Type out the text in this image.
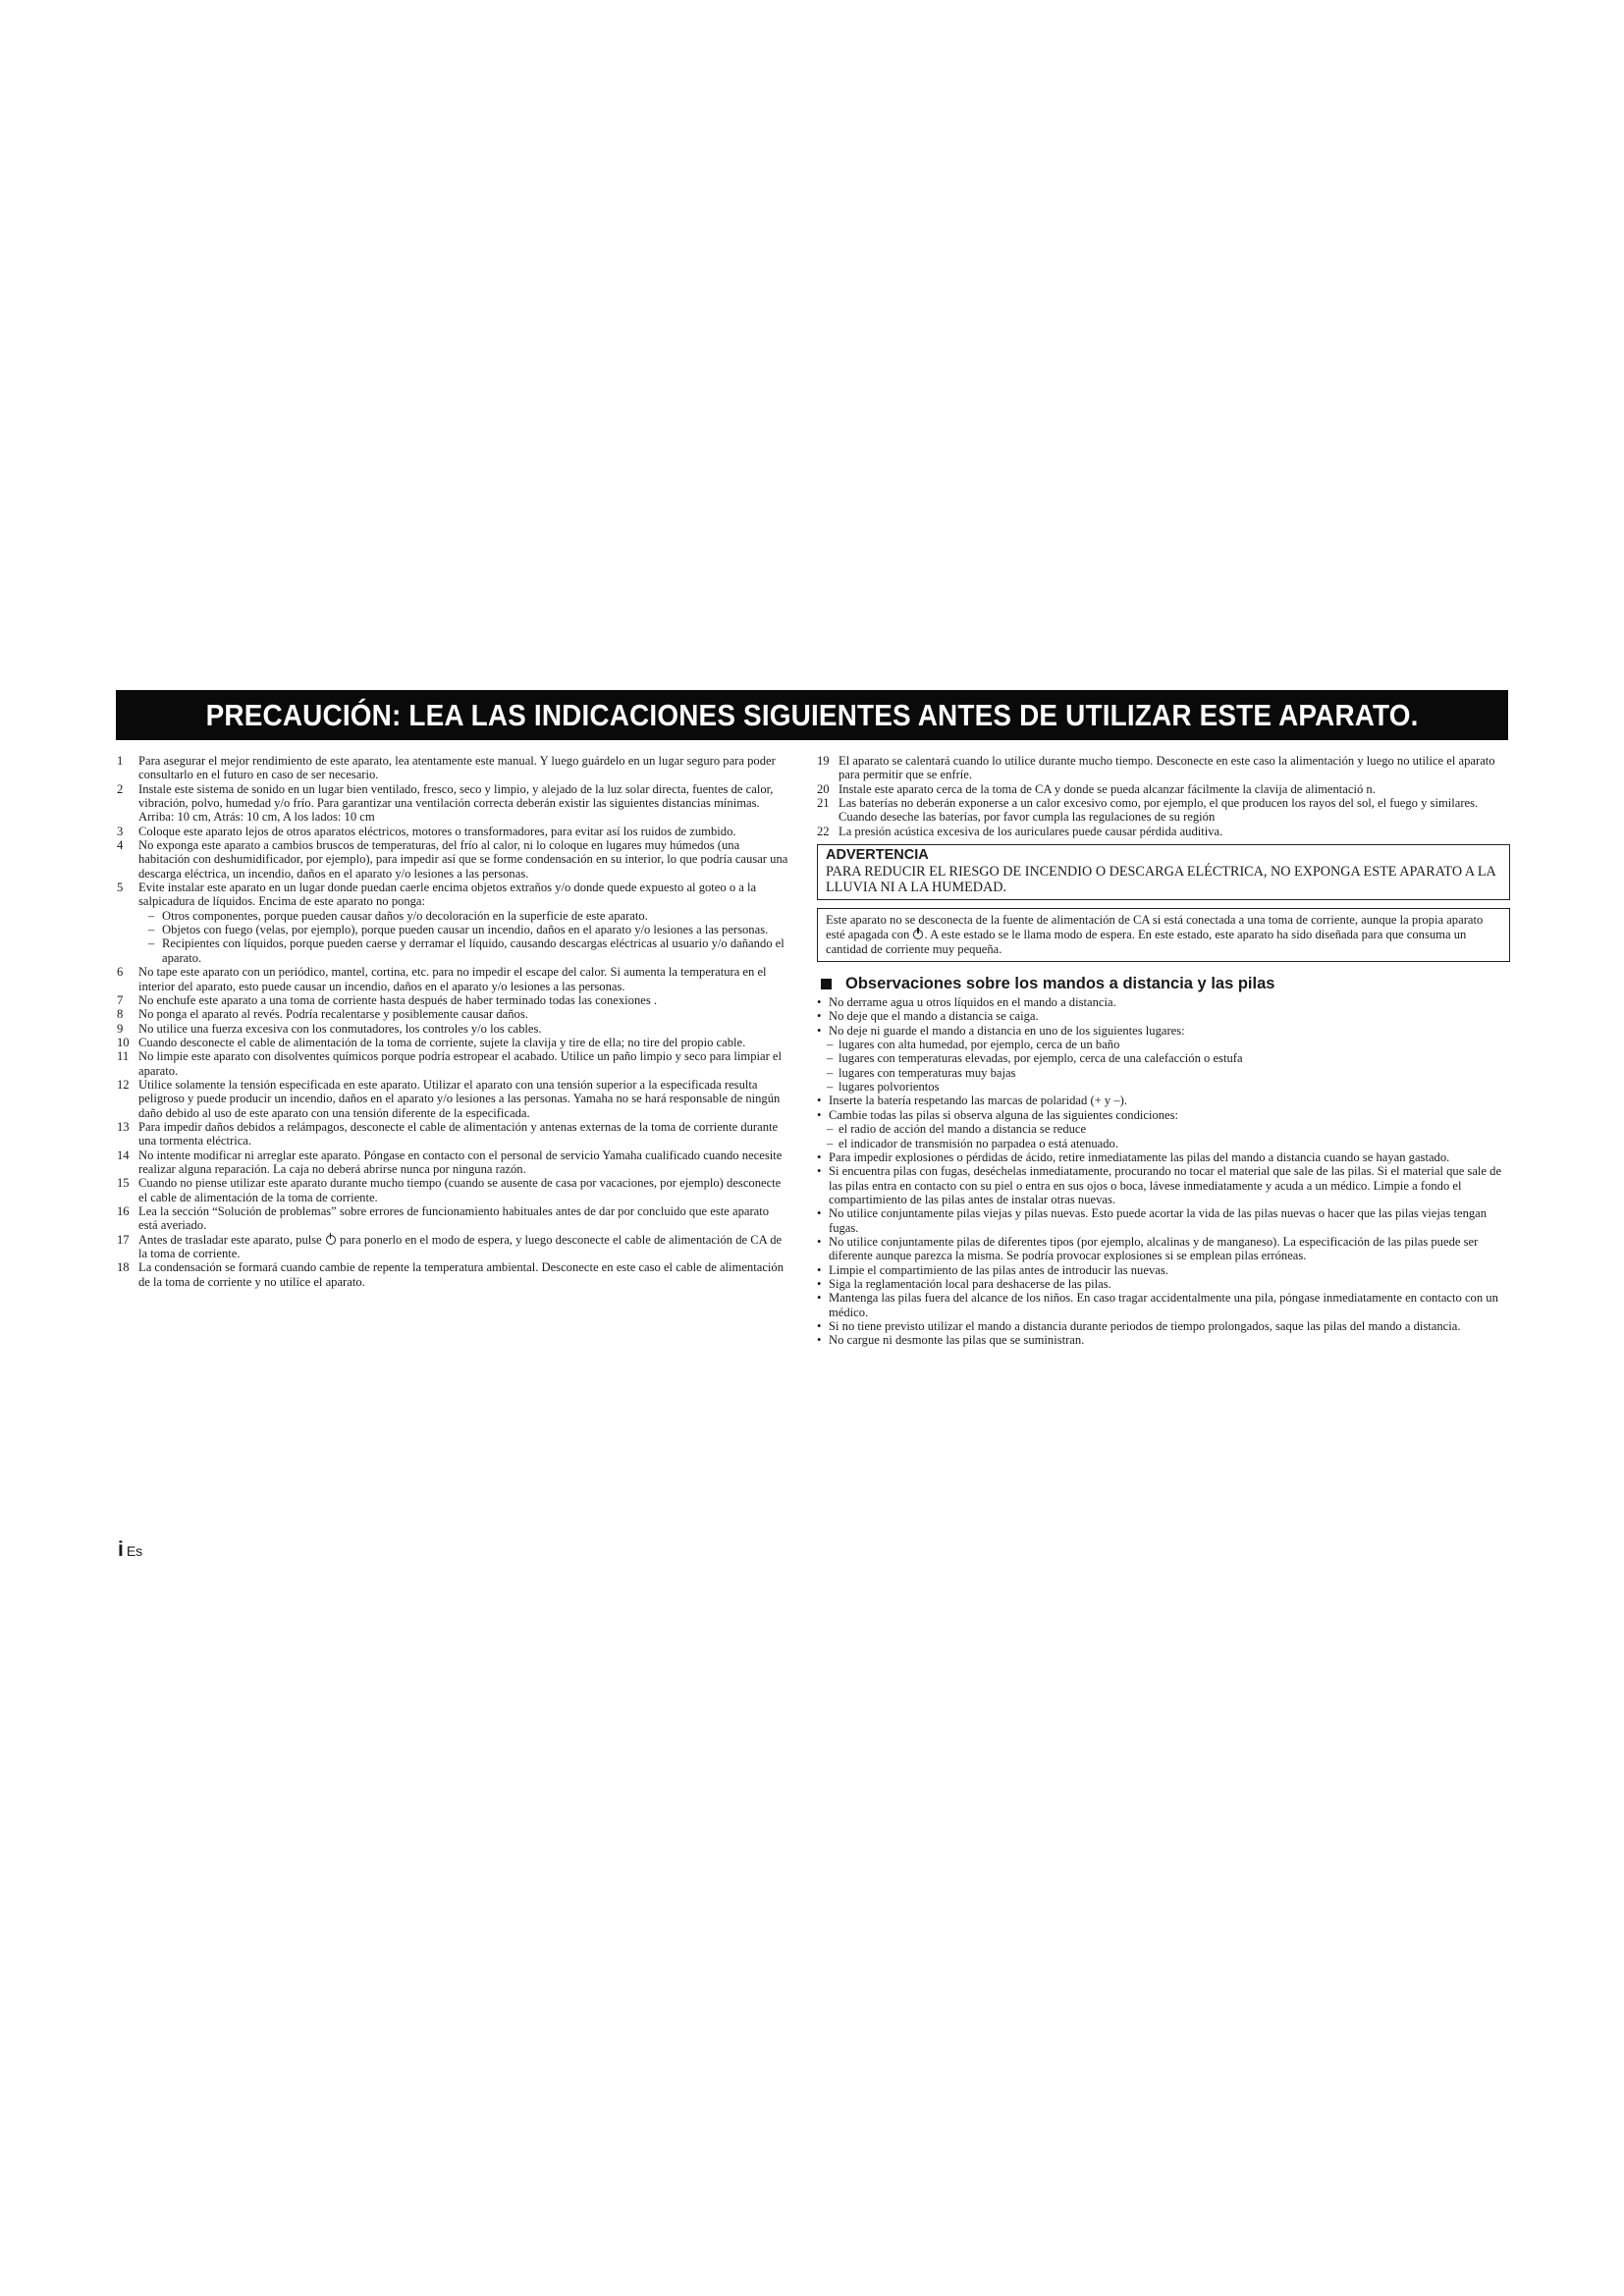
PRECAUCIÓN: LEA LAS INDICACIONES SIGUIENTES ANTES DE UTILIZAR ESTE APARATO.
1	Para asegurar el mejor rendimiento de este aparato, lea atentamente este manual. Y luego guárdelo en un lugar seguro para poder consultarlo en el futuro en caso de ser necesario.
2	Instale este sistema de sonido en un lugar bien ventilado, fresco, seco y limpio, y alejado de la luz solar directa, fuentes de calor, vibración, polvo, humedad y/o frío. Para garantizar una ventilación correcta deberán existir las siguientes distancias mínimas.
Arriba: 10 cm, Atrás: 10 cm, A los lados: 10 cm
3	Coloque este aparato lejos de otros aparatos eléctricos, motores o transformadores, para evitar así los ruidos de zumbido.
4	No exponga este aparato a cambios bruscos de temperaturas, del frío al calor, ni lo coloque en lugares muy húmedos (una habitación con deshumidificador, por ejemplo), para impedir así que se forme condensación en su interior, lo que podría causar una descarga eléctrica, un incendio, daños en el aparato y/o lesiones a las personas.
5	Evite instalar este aparato en un lugar donde puedan caerle encima objetos extraños y/o donde quede expuesto al goteo o a la salpicadura de líquidos. Encima de este aparato no ponga:
– Otros componentes, porque pueden causar daños y/o decoloración en la superficie de este aparato.
– Objetos con fuego (velas, por ejemplo), porque pueden causar un incendio, daños en el aparato y/o lesiones a las personas.
– Recipientes con líquidos, porque pueden caerse y derramar el líquido, causando descargas eléctricas al usuario y/o dañando el aparato.
6	No tape este aparato con un periódico, mantel, cortina, etc. para no impedir el escape del calor. Si aumenta la temperatura en el interior del aparato, esto puede causar un incendio, daños en el aparato y/o lesiones a las personas.
7	No enchufe este aparato a una toma de corriente hasta después de haber terminado todas las conexiones .
8	No ponga el aparato al revés. Podría recalentarse y posiblemente causar daños.
9	No utilice una fuerza excesiva con los conmutadores, los controles y/o los cables.
10 Cuando desconecte el cable de alimentación de la toma de corriente, sujete la clavija y tire de ella; no tire del propio cable.
11 No limpie este aparato con disolventes químicos porque podría estropear el acabado. Utilice un paño limpio y seco para limpiar el aparato.
12 Utilice solamente la tensión especificada en este aparato. Utilizar el aparato con una tensión superior a la especificada resulta peligroso y puede producir un incendio, daños en el aparato y/o lesiones a las personas. Yamaha no se hará responsable de ningún daño debido al uso de este aparato con una tensión diferente de la especificada.
13 Para impedir daños debidos a relámpagos, desconecte el cable de alimentación y antenas externas de la toma de corriente durante una tormenta eléctrica.
14 No intente modificar ni arreglar este aparato. Póngase en contacto con el personal de servicio Yamaha cualificado cuando necesite realizar alguna reparación. La caja no deberá abrirse nunca por ninguna razón.
15 Cuando no piense utilizar este aparato durante mucho tiempo (cuando se ausente de casa por vacaciones, por ejemplo) desconecte el cable de alimentación de la toma de corriente.
16 Lea la sección “Solución de problemas” sobre errores de funcionamiento habituales antes de dar por concluido que este aparato está averiado.
17 Antes de trasladar este aparato, pulse para ponerlo en el modo de espera, y luego desconecte el cable de alimentación de CA de la toma de corriente.
18 La condensación se formará cuando cambie de repente la temperatura ambiental. Desconecte en este caso el cable de alimentación de la toma de corriente y no utilice el aparato.
19 El aparato se calentará cuando lo utilice durante mucho tiempo. Desconecte en este caso la alimentación y luego no utilice el aparato para permitir que se enfríe.
20 Instale este aparato cerca de la toma de CA y donde se pueda alcanzar fácilmente la clavija de alimentació n.
21 Las baterías no deberán exponerse a un calor excesivo como, por ejemplo, el que producen los rayos del sol, el fuego y similares. Cuando deseche las baterías, por favor cumpla las regulaciones de su región
22 La presión acústica excesiva de los auriculares puede causar pérdida auditiva.
ADVERTENCIA
PARA REDUCIR EL RIESGO DE INCENDIO O DESCARGA ELÉCTRICA, NO EXPONGA ESTE APARATO A LA LLUVIA NI A LA HUMEDAD.
Este aparato no se desconecta de la fuente de alimentación de CA si está conectada a una toma de corriente, aunque la propia aparato esté apagada con . A este estado se le llama modo de espera. En este estado, este aparato ha sido diseñada para que consuma un cantidad de corriente muy pequeña.
Observaciones sobre los mandos a distancia y las pilas
• No derrame agua u otros líquidos en el mando a distancia.
• No deje que el mando a distancia se caiga.
• No deje ni guarde el mando a distancia en uno de los siguientes lugares:
– lugares con alta humedad, por ejemplo, cerca de un baño
– lugares con temperaturas elevadas, por ejemplo, cerca de una calefacción o estufa
– lugares con temperaturas muy bajas
– lugares polvorientos
• Inserte la batería respetando las marcas de polaridad (+ y –).
• Cambie todas las pilas si observa alguna de las siguientes condiciones:
– el radio de acción del mando a distancia se reduce
– el indicador de transmisión no parpadea o está atenuado.
• Para impedir explosiones o pérdidas de ácido, retire inmediatamente las pilas del mando a distancia cuando se hayan gastado.
• Si encuentra pilas con fugas, deséchelas inmediatamente, procurando no tocar el material que sale de las pilas. Si el material que sale de las pilas entra en contacto con su piel o entra en sus ojos o boca, lávese inmediatamente y acuda a un médico. Limpie a fondo el compartimiento de las pilas antes de instalar otras nuevas.
• No utilice conjuntamente pilas viejas y pilas nuevas. Esto puede acortar la vida de las pilas nuevas o hacer que las pilas viejas tengan fugas.
• No utilice conjuntamente pilas de diferentes tipos (por ejemplo, alcalinas y de manganeso). La especificación de las pilas puede ser diferente aunque parezca la misma. Se podría provocar explosiones si se emplean pilas erróneas.
• Limpie el compartimiento de las pilas antes de introducir las nuevas.
• Siga la reglamentación local para deshacerse de las pilas.
• Mantenga las pilas fuera del alcance de los niños. En caso tragar accidentalmente una pila, póngase inmediatamente en contacto con un médico.
• Si no tiene previsto utilizar el mando a distancia durante periodos de tiempo prolongados, saque las pilas del mando a distancia.
• No cargue ni desmonte las pilas que se suministran.
i Es
